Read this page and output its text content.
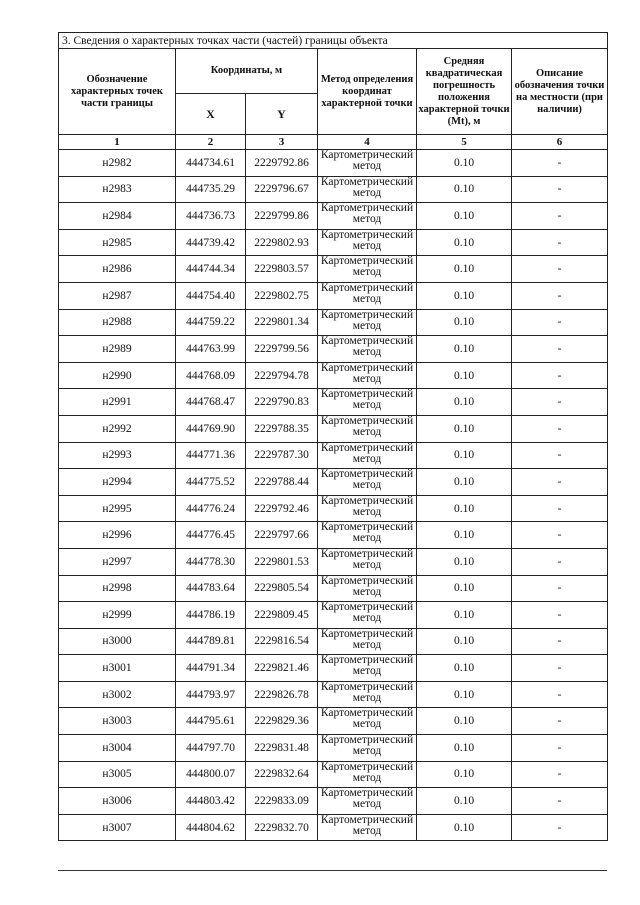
3. Сведения о характерных точках части (частей) границы объекта					
Обозначение характерных точек части границы	Координаты, м		Метод определения координат характерной точки	Средняя квадратическая погрешность положения характерной точки (Mt), м	Описание обозначения точки на местности (при наличии)
	X	Y			
1	2	3	4	5	6
н2982	444734.61	2229792.86	Картометрический метод	0.10	-
н2983	444735.29	2229796.67	Картометрический метод	0.10	-
н2984	444736.73	2229799.86	Картометрический метод	0.10	-
н2985	444739.42	2229802.93	Картометрический метод	0.10	-
н2986	444744.34	2229803.57	Картометрический метод	0.10	-
н2987	444754.40	2229802.75	Картометрический метод	0.10	-
н2988	444759.22	2229801.34	Картометрический метод	0.10	-
н2989	444763.99	2229799.56	Картометрический метод	0.10	-
н2990	444768.09	2229794.78	Картометрический метод	0.10	-
н2991	444768.47	2229790.83	Картометрический метод	0.10	-
н2992	444769.90	2229788.35	Картометрический метод	0.10	-
н2993	444771.36	2229787.30	Картометрический метод	0.10	-
н2994	444775.52	2229788.44	Картометрический метод	0.10	-
н2995	444776.24	2229792.46	Картометрический метод	0.10	-
н2996	444776.45	2229797.66	Картометрический метод	0.10	-
н2997	444778.30	2229801.53	Картометрический метод	0.10	-
н2998	444783.64	2229805.54	Картометрический метод	0.10	-
н2999	444786.19	2229809.45	Картометрический метод	0.10	-
н3000	444789.81	2229816.54	Картометрический метод	0.10	-
н3001	444791.34	2229821.46	Картометрический метод	0.10	-
н3002	444793.97	2229826.78	Картометрический метод	0.10	-
н3003	444795.61	2229829.36	Картометрический метод	0.10	-
н3004	444797.70	2229831.48	Картометрический метод	0.10	-
н3005	444800.07	2229832.64	Картометрический метод	0.10	-
н3006	444803.42	2229833.09	Картометрический метод	0.10	-
н3007	444804.62	2229832.70	Картометрический метод	0.10	-
